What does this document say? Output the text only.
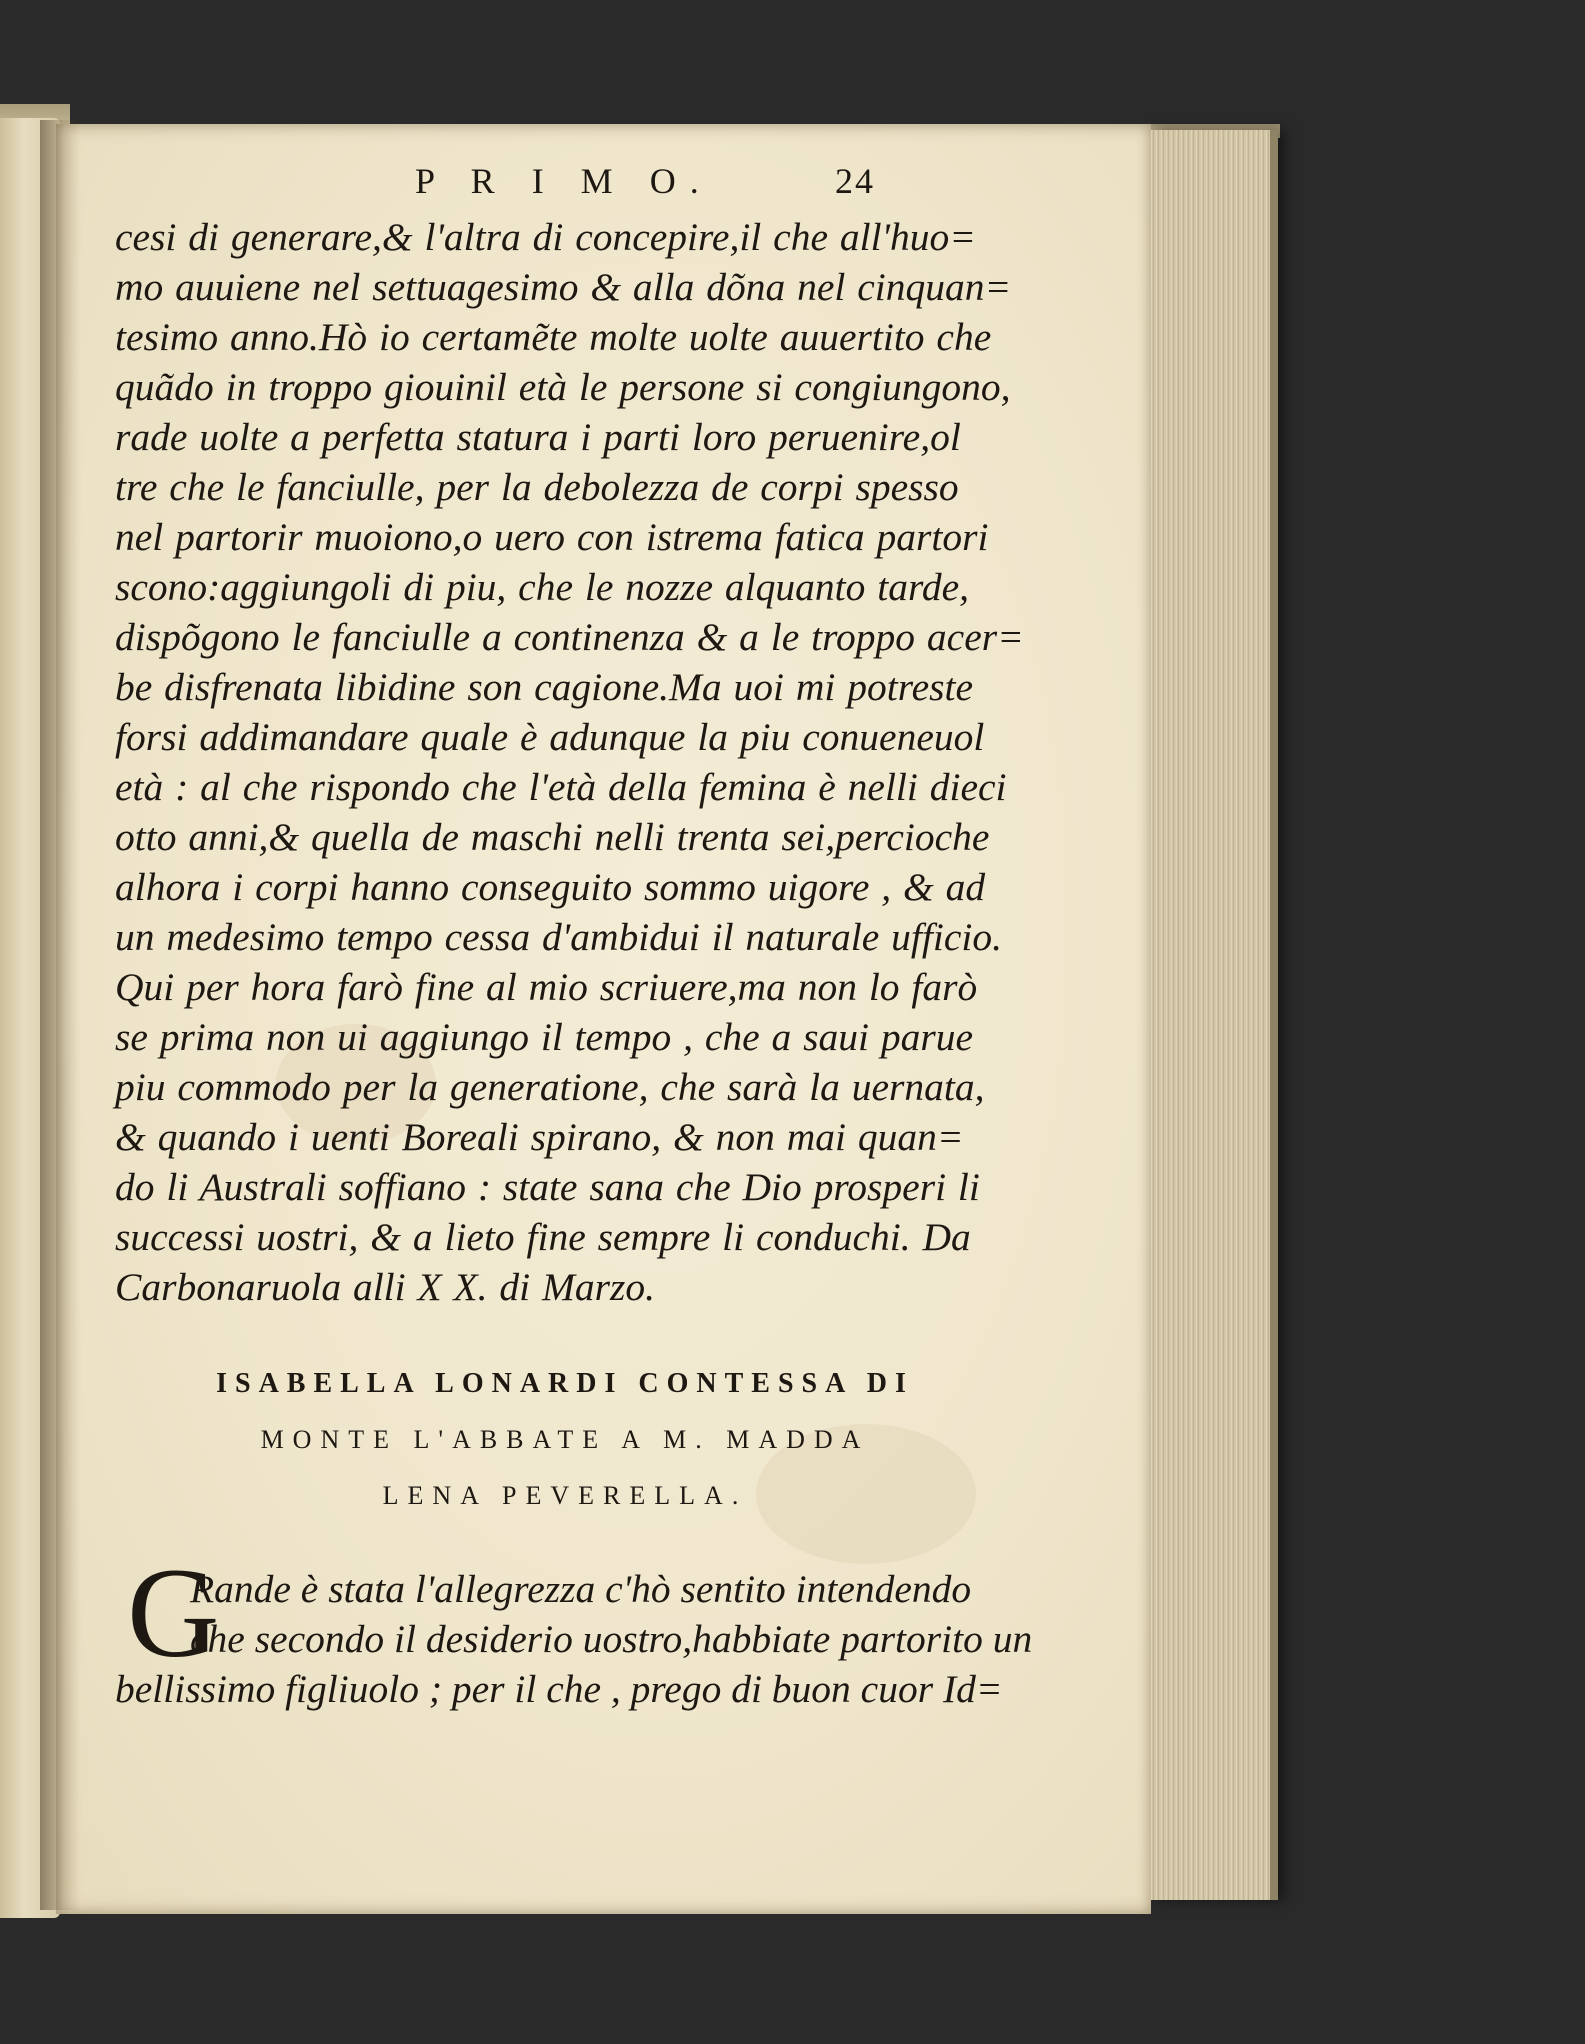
P R I M O.	24
cesi di generare,& l'altra di concepire,il che all'huo=
mo auuiene nel settuagesimo & alla dõna nel cinquan=
tesimo anno.Hò io certamẽte molte uolte auuertito che
quãdo in troppo giouinil età le persone si congiungono,
rade uolte a perfetta statura i parti loro peruenire,ol
tre che le fanciulle, per la debolezza de corpi spesso
nel partorir muoiono,o uero con istrema fatica partori
scono:aggiungoli di piu, che le nozze alquanto tarde,
dispõgono le fanciulle a continenza & a le troppo acer=
be disfrenata libidine son cagione.Ma uoi mi potreste
forsi addimandare quale è adunque la piu conueneuol
età : al che rispondo che l'età della femina è nelli dieci
otto anni,& quella de maschi nelli trenta sei,percioche
alhora i corpi hanno conseguito sommo uigore , & ad
un medesimo tempo cessa d'ambidui il naturale ufficio.
Qui per hora farò fine al mio scriuere,ma non lo farò
se prima non ui aggiungo il tempo , che a saui parue
piu commodo per la generatione, che sarà la uernata,
& quando i uenti Boreali spirano, & non mai quan=
do li Australi soffiano : state sana che Dio prosperi li
successi uostri, & a lieto fine sempre li conduchi. Da
Carbonaruola alli X X. di Marzo.
ISABELLA LONARDI CONTESSA DI
MONTE L'ABBATE A M. MADDA
LENA PEVERELLA.
G
Rande è stata l'allegrezza c'hò sentito intendendo
che secondo il desiderio uostro,habbiate partorito un
bellissimo figliuolo ; per il che , prego di buon cuor Id=
